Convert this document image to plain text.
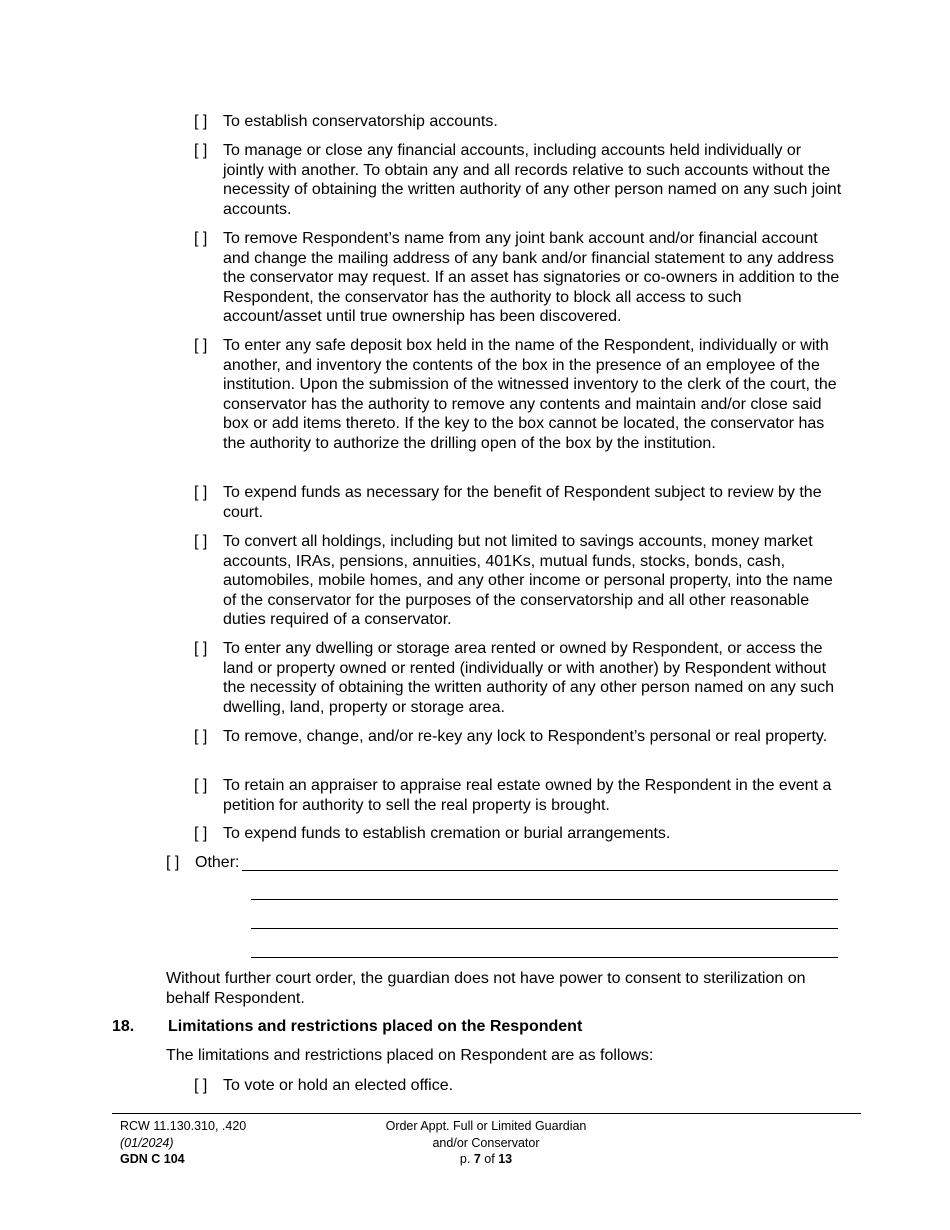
[ ] To establish conservatorship accounts.
[ ] To manage or close any financial accounts, including accounts held individually or jointly with another. To obtain any and all records relative to such accounts without the necessity of obtaining the written authority of any other person named on any such joint accounts.
[ ] To remove Respondent’s name from any joint bank account and/or financial account and change the mailing address of any bank and/or financial statement to any address the conservator may request. If an asset has signatories or co-owners in addition to the Respondent, the conservator has the authority to block all access to such account/asset until true ownership has been discovered.
[ ] To enter any safe deposit box held in the name of the Respondent, individually or with another, and inventory the contents of the box in the presence of an employee of the institution. Upon the submission of the witnessed inventory to the clerk of the court, the conservator has the authority to remove any contents and maintain and/or close said box or add items thereto. If the key to the box cannot be located, the conservator has the authority to authorize the drilling open of the box by the institution.
[ ] To expend funds as necessary for the benefit of Respondent subject to review by the court.
[ ] To convert all holdings, including but not limited to savings accounts, money market accounts, IRAs, pensions, annuities, 401Ks, mutual funds, stocks, bonds, cash, automobiles, mobile homes, and any other income or personal property, into the name of the conservator for the purposes of the conservatorship and all other reasonable duties required of a conservator.
[ ] To enter any dwelling or storage area rented or owned by Respondent, or access the land or property owned or rented (individually or with another) by Respondent without the necessity of obtaining the written authority of any other person named on any such dwelling, land, property or storage area.
[ ] To remove, change, and/or re-key any lock to Respondent’s personal or real property.
[ ] To retain an appraiser to appraise real estate owned by the Respondent in the event a petition for authority to sell the real property is brought.
[ ] To expend funds to establish cremation or burial arrangements.
[ ] Other:
Without further court order, the guardian does not have power to consent to sterilization on behalf Respondent.
18.	Limitations and restrictions placed on the Respondent
The limitations and restrictions placed on Respondent are as follows:
[ ] To vote or hold an elected office.
RCW 11.130.310, .420
(01/2024)
GDN C 104
Order Appt. Full or Limited Guardian
and/or Conservator
p. 7 of 13
